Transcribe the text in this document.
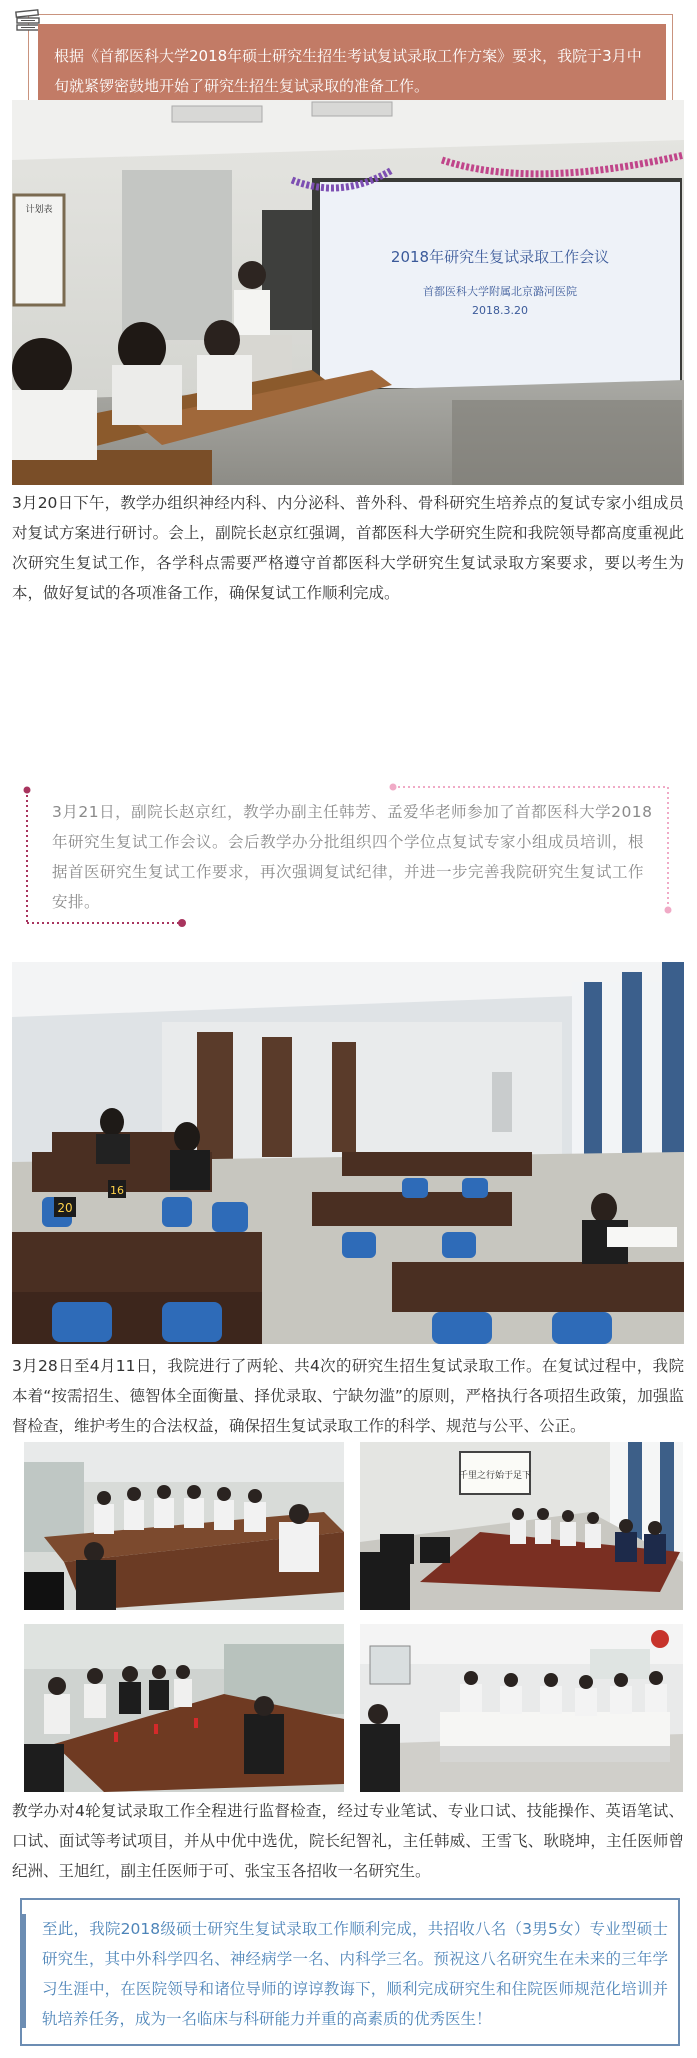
根据《首都医科大学2018年硕士研究生招生考试复试录取工作方案》要求，我院于3月中旬就紧锣密鼓地开始了研究生招生复试录取的准备工作。
计划表
2018年研究生复试录取工作会议
首都医科大学附属北京潞河医院
2018.3.20
3月20日下午，教学办组织神经内科、内分泌科、普外科、骨科研究生培养点的复试专家小组成员对复试方案进行研讨。会上，副院长赵京红强调，首都医科大学研究生院和我院领导都高度重视此次研究生复试工作，各学科点需要严格遵守首都医科大学研究生复试录取方案要求，要以考生为本，做好复试的各项准备工作，确保复试工作顺利完成。
3月21日，副院长赵京红，教学办副主任韩芳、孟爱华老师参加了首都医科大学2018年研究生复试工作会议。会后教学办分批组织四个学位点复试专家小组成员培训，根据首医研究生复试工作要求，再次强调复试纪律，并进一步完善我院研究生复试工作安排。
20
16
3月28日至4月11日，我院进行了两轮、共4次的研究生招生复试录取工作。在复试过程中，我院本着“按需招生、德智体全面衡量、择优录取、宁缺勿滥”的原则，严格执行各项招生政策，加强监督检查，维护考生的合法权益，确保招生复试录取工作的科学、规范与公平、公正。
千里之行始于足下
教学办对4轮复试录取工作全程进行监督检查，经过专业笔试、专业口试、技能操作、英语笔试、口试、面试等考试项目，并从中优中选优，院长纪智礼，主任韩威、王雪飞、耿晓坤，主任医师曾纪洲、王旭红，副主任医师于可、张宝玉各招收一名研究生。
至此，我院2018级硕士研究生复试录取工作顺利完成，共招收八名（3男5女）专业型硕士研究生，其中外科学四名、神经病学一名、内科学三名。预祝这八名研究生在未来的三年学习生涯中，在医院领导和诸位导师的谆谆教诲下，顺利完成研究生和住院医师规范化培训并轨培养任务，成为一名临床与科研能力并重的高素质的优秀医生！
